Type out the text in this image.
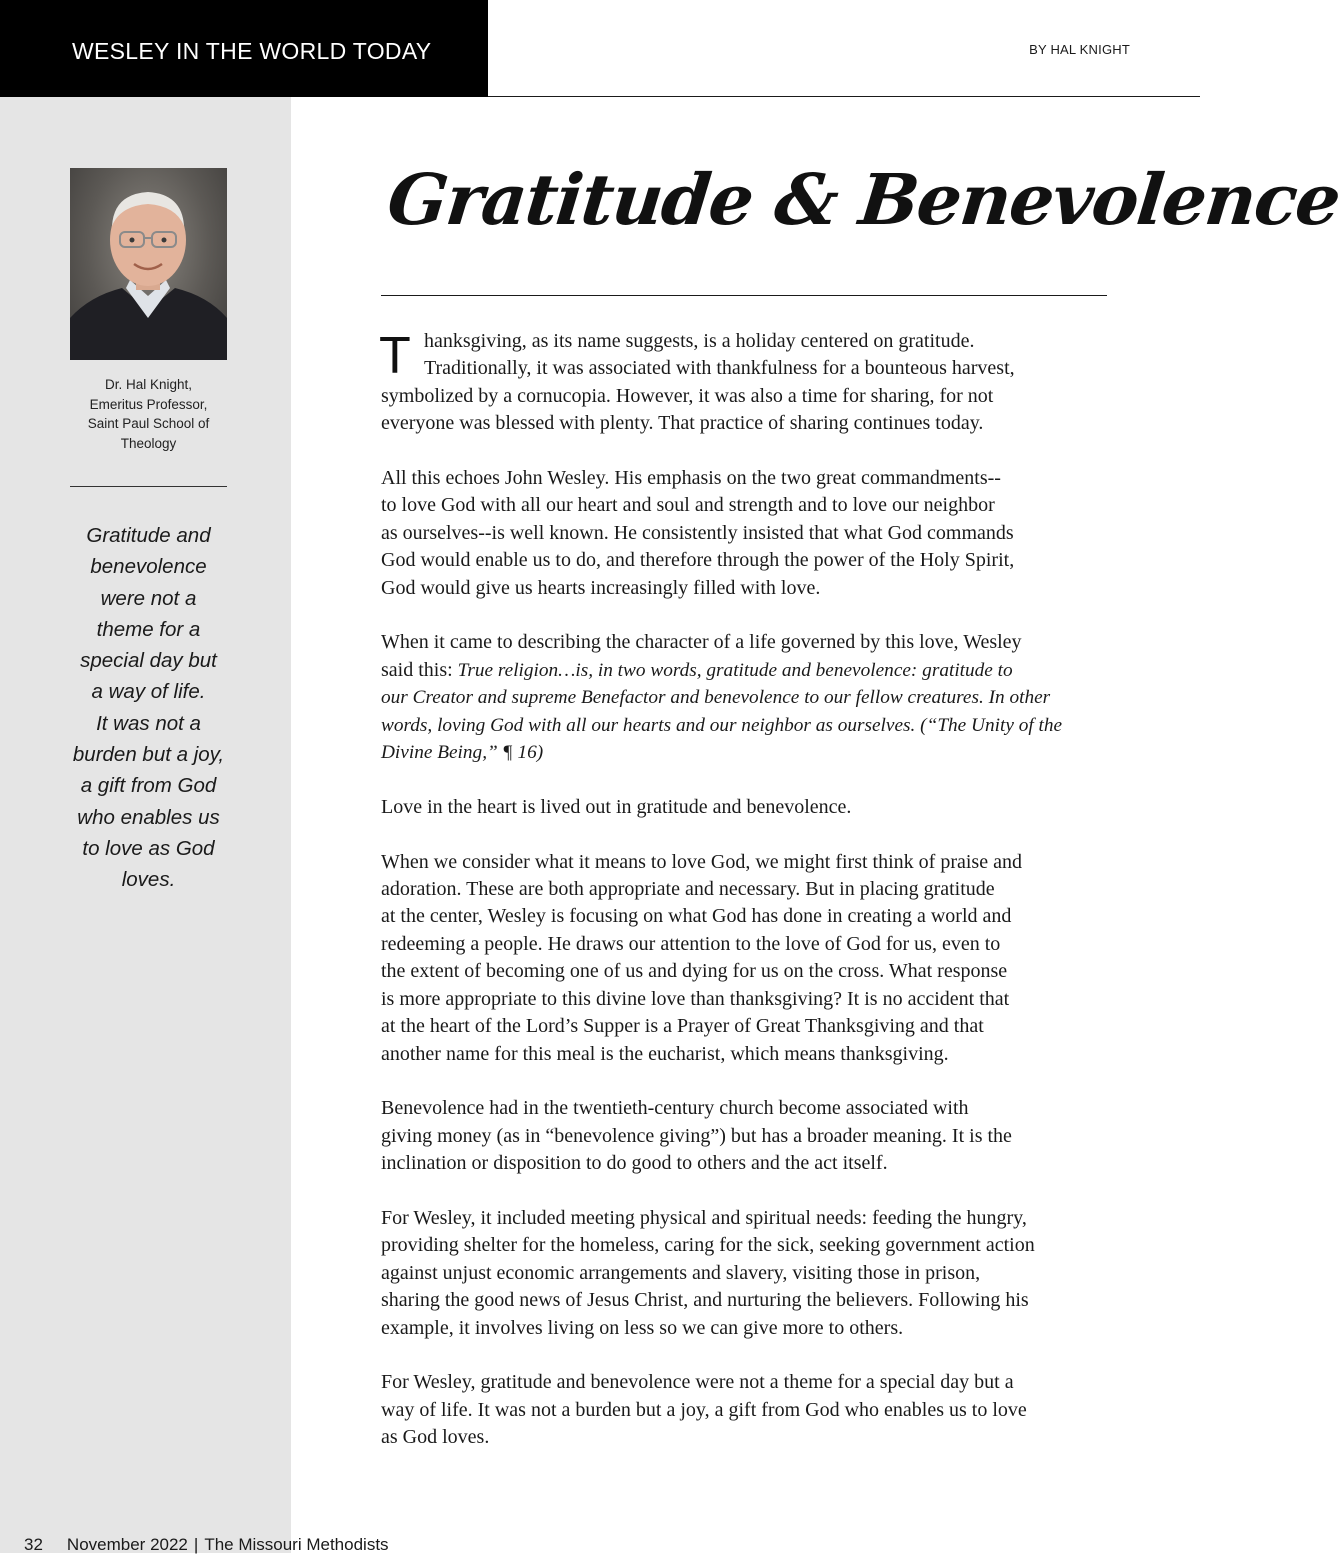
WESLEY IN THE WORLD TODAY	BY HAL KNIGHT
Dr. Hal Knight,
Emeritus Professor,
Saint Paul School of
Theology
Gratitude and
benevolence
were not a
theme for a
special day but
a way of life.
It was not a
burden but a joy,
a gift from God
who enables us
to love as God
loves.
Gratitude & Benevolence
T hanksgiving, as its name suggests, is a holiday centered on gratitude.
Traditionally, it was associated with thankfulness for a bounteous harvest,
symbolized by a cornucopia. However, it was also a time for sharing, for not
everyone was blessed with plenty. That practice of sharing continues today.
All this echoes John Wesley. His emphasis on the two great commandments--
to love God with all our heart and soul and strength and to love our neighbor
as ourselves--is well known. He consistently insisted that what God commands
God would enable us to do, and therefore through the power of the Holy Spirit,
God would give us hearts increasingly filled with love.
When it came to describing the character of a life governed by this love, Wesley
said this: True religion…is, in two words, gratitude and benevolence: gratitude to
our Creator and supreme Benefactor and benevolence to our fellow creatures. In other
words, loving God with all our hearts and our neighbor as ourselves. (“The Unity of the
Divine Being,” ¶ 16)
Love in the heart is lived out in gratitude and benevolence.
When we consider what it means to love God, we might first think of praise and
adoration. These are both appropriate and necessary. But in placing gratitude
at the center, Wesley is focusing on what God has done in creating a world and
redeeming a people. He draws our attention to the love of God for us, even to
the extent of becoming one of us and dying for us on the cross. What response
is more appropriate to this divine love than thanksgiving? It is no accident that
at the heart of the Lord’s Supper is a Prayer of Great Thanksgiving and that
another name for this meal is the eucharist, which means thanksgiving.
Benevolence had in the twentieth-century church become associated with
giving money (as in “benevolence giving”) but has a broader meaning. It is the
inclination or disposition to do good to others and the act itself.
For Wesley, it included meeting physical and spiritual needs: feeding the hungry,
providing shelter for the homeless, caring for the sick, seeking government action
against unjust economic arrangements and slavery, visiting those in prison,
sharing the good news of Jesus Christ, and nurturing the believers. Following his
example, it involves living on less so we can give more to others.
For Wesley, gratitude and benevolence were not a theme for a special day but a
way of life. It was not a burden but a joy, a gift from God who enables us to love
as God loves.
32 November 2022 | The Missouri Methodists
